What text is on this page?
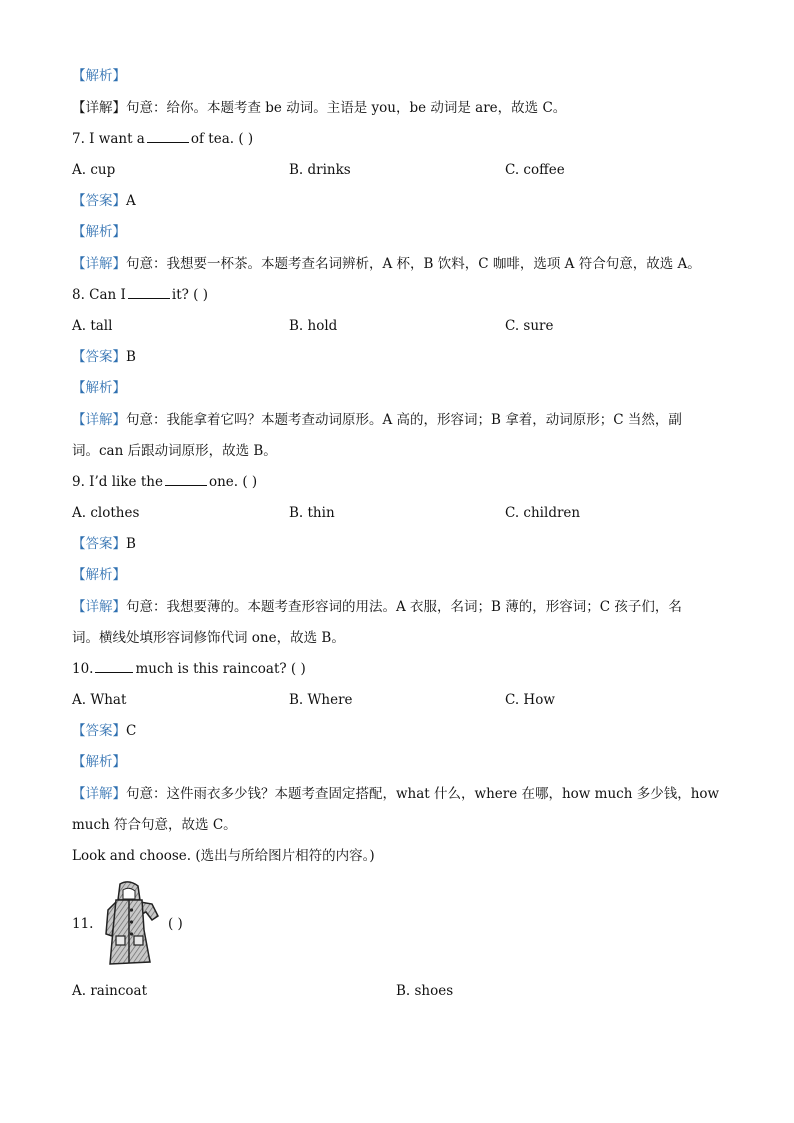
【解析】
【详解】句意：给你。本题考查 be 动词。主语是 you，be 动词是 are，故选 C。
7. I want a	of tea. ( )
A. cup	B. drinks	C. coffee
【答案】A
【解析】
【详解】句意：我想要一杯茶。本题考查名词辨析，A 杯，B 饮料，C 咖啡，选项 A 符合句意，故选 A。
8. Can I	it? ( )
A. tall	B. hold	C. sure
【答案】B
【解析】
【详解】句意：我能拿着它吗？本题考查动词原形。A 高的，形容词；B 拿着，动词原形；C 当然，副
词。can 后跟动词原形，故选 B。
9. I’d like the	one. ( )
A. clothes	B. thin	C. children
【答案】B
【解析】
【详解】句意：我想要薄的。本题考查形容词的用法。A 衣服，名词；B 薄的，形容词；C 孩子们，名
词。横线处填形容词修饰代词 one，故选 B。
10.	much is this raincoat? ( )
A. What	B. Where	C. How
【答案】C
【解析】
【详解】句意：这件雨衣多少钱？本题考查固定搭配，what 什么，where 在哪，how much 多少钱，how
much 符合句意，故选 C。
Look and choose. (选出与所给图片相符的内容。)
11.	( )
A. raincoat	B. shoes
